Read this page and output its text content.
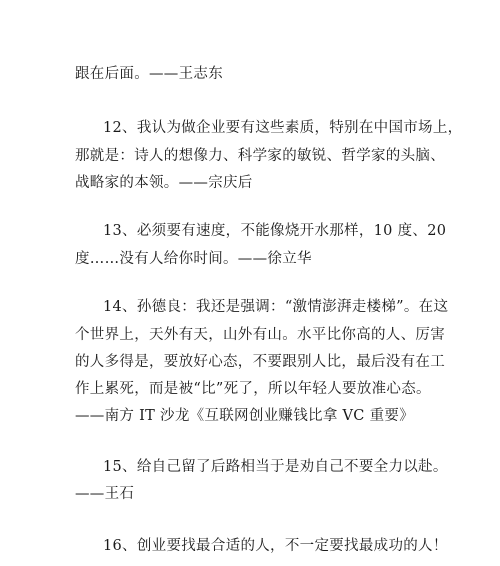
跟在后面。——王志东
12、我认为做企业要有这些素质，特别在中国市场上，
那就是：诗人的想像力、科学家的敏锐、哲学家的头脑、
战略家的本领。——宗庆后
13、必须要有速度，不能像烧开水那样，10 度、20
度……没有人给你时间。——徐立华
14、孙德良：我还是强调：“激情澎湃走楼梯”。在这
个世界上，天外有天，山外有山。水平比你高的人、厉害
的人多得是，要放好心态，不要跟别人比，最后没有在工
作上累死，而是被“比”死了，所以年轻人要放准心态。
——南方 IT 沙龙《互联网创业赚钱比拿 VC 重要》
15、给自己留了后路相当于是劝自己不要全力以赴。
——王石
16、创业要找最合适的人，不一定要找最成功的人！
